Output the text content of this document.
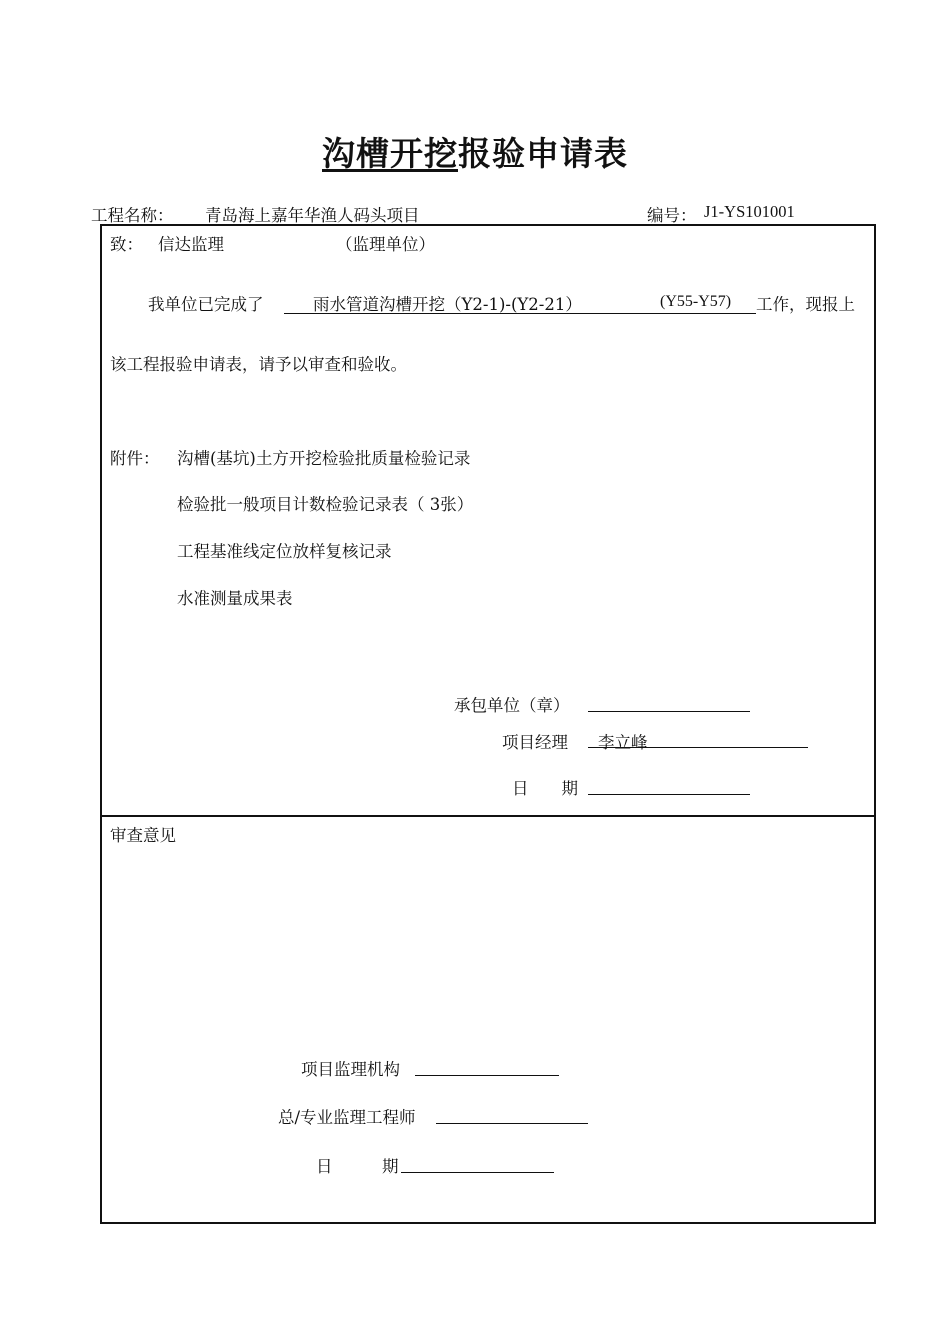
沟槽开挖报验申请表
工程名称： 青岛海上嘉年华渔人码头项目	编号： J1-YS101001
致： 信达监理	（监理单位）
我单位已完成了	雨水管道沟槽开挖（Y2-1)-(Y2-21）	(Y55-Y57) 工作，现报上
该工程报验申请表，请予以审查和验收。
附件： 沟槽(基坑)土方开挖检验批质量检验记录
检验批一般项目计数检验记录表（ 3张）
工程基准线定位放样复核记录
水准测量成果表
承包单位（章）
项目经理 李立峰
日　　期
审查意见
项目监理机构
总/专业监理工程师
日　　　期
